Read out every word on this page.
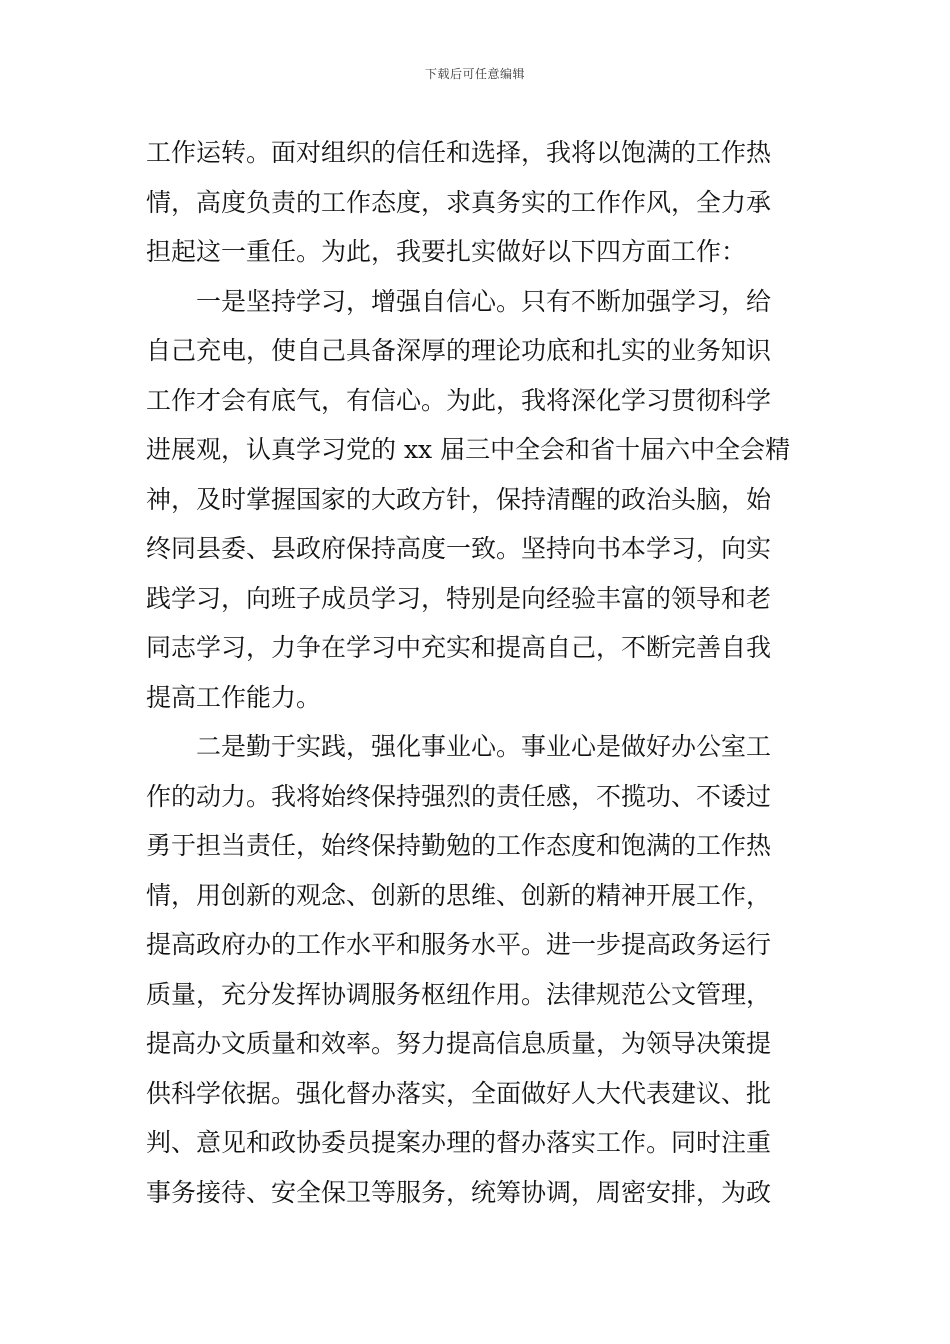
下载后可任意编辑
工作运转。面对组织的信任和选择，我将以饱满的工作热
情，高度负责的工作态度，求真务实的工作作风，全力承
担起这一重任。为此，我要扎实做好以下四方面工作：
一是坚持学习，增强自信心。只有不断加强学习，给
自己充电，使自己具备深厚的理论功底和扎实的业务知识
工作才会有底气，有信心。为此，我将深化学习贯彻科学
进展观，认真学习党的 xx 届三中全会和省十届六中全会精
神，及时掌握国家的大政方针，保持清醒的政治头脑，始
终同县委、县政府保持高度一致。坚持向书本学习，向实
践学习，向班子成员学习，特别是向经验丰富的领导和老
同志学习，力争在学习中充实和提高自己，不断完善自我
提高工作能力。
二是勤于实践，强化事业心。事业心是做好办公室工
作的动力。我将始终保持强烈的责任感，不揽功、不诿过
勇于担当责任，始终保持勤勉的工作态度和饱满的工作热
情，用创新的观念、创新的思维、创新的精神开展工作，
提高政府办的工作水平和服务水平。进一步提高政务运行
质量，充分发挥协调服务枢纽作用。法律规范公文管理，
提高办文质量和效率。努力提高信息质量，为领导决策提
供科学依据。强化督办落实，全面做好人大代表建议、批
判、意见和政协委员提案办理的督办落实工作。同时注重
事务接待、安全保卫等服务，统筹协调，周密安排，为政
